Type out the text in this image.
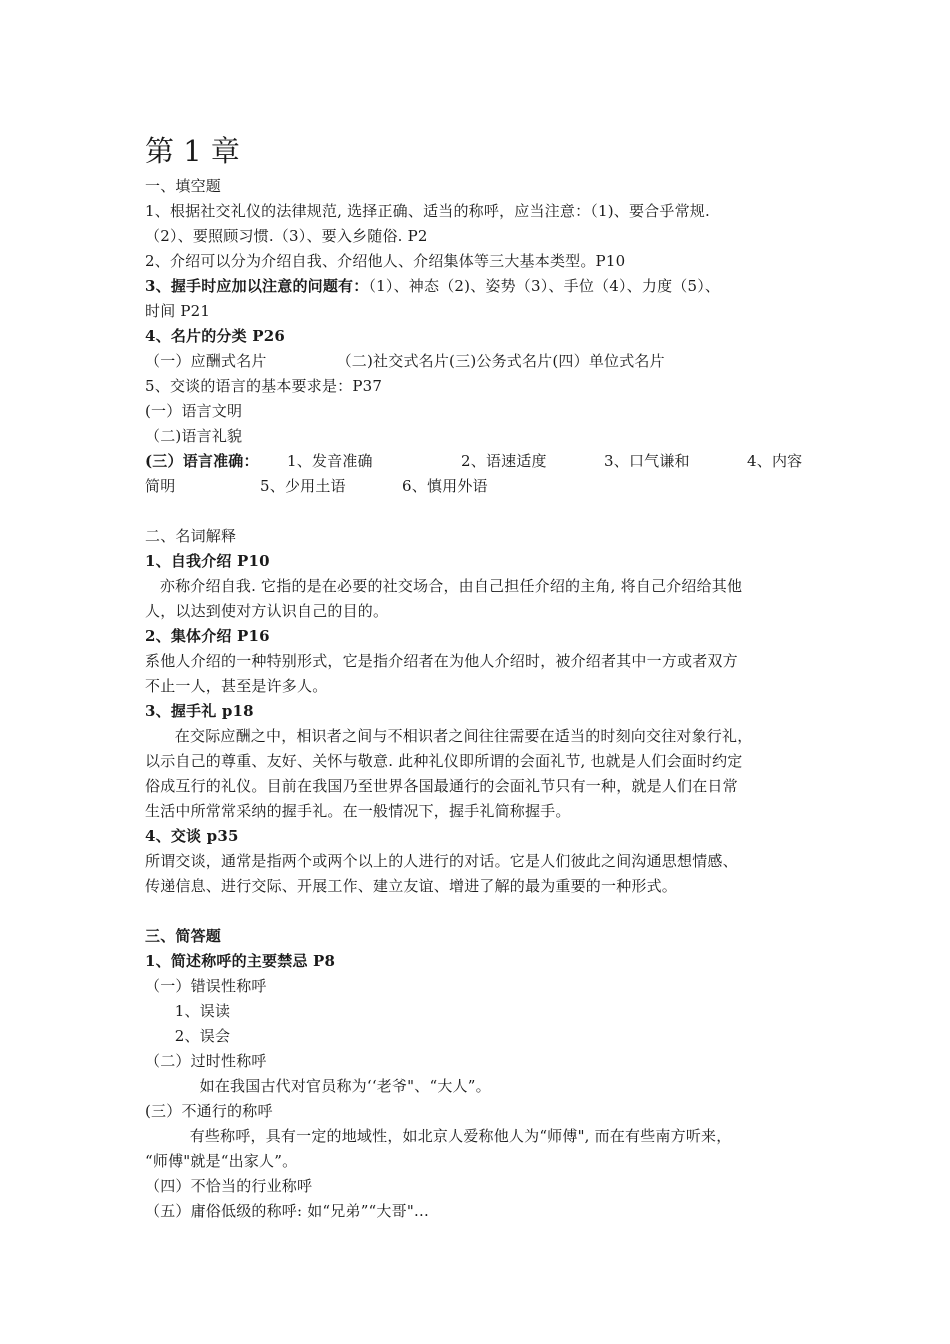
第 1 章
一、填空题
1、根据社交礼仪的法律规范, 选择正确、适当的称呼，应当注意：（1)、要合乎常规.
（2）、要照顾习惯.（3）、要入乡随俗. P2
2、介绍可以分为介绍自我、介绍他人、介绍集体等三大基本类型。P10
3、握手时应加以注意的问题有：（1）、神态（2)、姿势（3）、手位（4）、力度（5）、
时间 P21
4、名片的分类 P26
（一）应酬式名片	（二)社交式名片(三)公务式名片(四）单位式名片
5、交谈的语言的基本要求是：P37
(一）语言文明
（二)语言礼貌
(三）语言准确： 1、发音准确	2、语速适度	3、口气谦和	4、内容
简明	5、少用土语	6、慎用外语
二、名词解释
1、自我介绍 P10
亦称介绍自我. 它指的是在必要的社交场合，由自己担任介绍的主角, 将自己介绍给其他
人，以达到使对方认识自己的目的。
2、集体介绍 P16
系他人介绍的一种特别形式，它是指介绍者在为他人介绍时，被介绍者其中一方或者双方
不止一人，甚至是许多人。
3、握手礼 p18
在交际应酬之中，相识者之间与不相识者之间往往需要在适当的时刻向交往对象行礼，
以示自己的尊重、友好、关怀与敬意. 此种礼仪即所谓的会面礼节, 也就是人们会面时约定
俗成互行的礼仪。目前在我国乃至世界各国最通行的会面礼节只有一种，就是人们在日常
生活中所常常采纳的握手礼。在一般情况下，握手礼简称握手。
4、交谈 p35
所谓交谈，通常是指两个或两个以上的人进行的对话。它是人们彼此之间沟通思想情感、
传递信息、进行交际、开展工作、建立友谊、增进了解的最为重要的一种形式。
三、简答题
1、简述称呼的主要禁忌 P8
（一）错误性称呼
1、误读
2、误会
（二）过时性称呼
如在我国古代对官员称为‘‘老爷"、“大人”。
(三）不通行的称呼
有些称呼，具有一定的地域性，如北京人爱称他人为“师傅", 而在有些南方听来，
“师傅"就是“出家人”。
（四）不恰当的行业称呼
（五）庸俗低级的称呼: 如“兄弟”“大哥"…
